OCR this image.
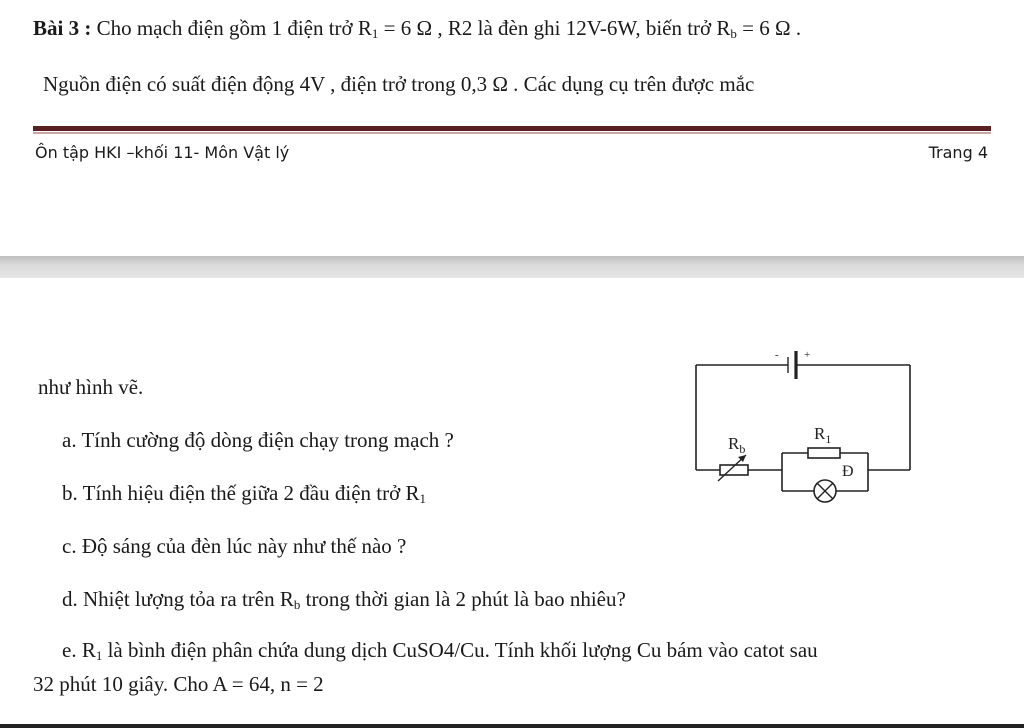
Bài 3 : Cho mạch điện gồm 1 điện trở $R_1 = 6$ Ω , R2 là đèn ghi 12V-6W, biến trở $R_b = 6$ Ω .
Nguồn điện có suất điện động 4V , điện trở trong 0,3 Ω . Các dụng cụ trên được mắc
Ôn tập HKI –khối 11- Môn Vật lý	Trang 4
như hình vẽ.
a. Tính cường độ dòng điện chạy trong mạch ?
b. Tính hiệu điện thế giữa 2 đầu điện trở $R_1$
c. Độ sáng của đèn lúc này như thế nào ?
d. Nhiệt lượng tỏa ra trên $R_b$ trong thời gian là 2 phút là bao nhiêu?
e. $R_1$ là bình điện phân chứa dung dịch CuSO4/Cu. Tính khối lượng Cu bám vào catot sau
32 phút 10 giây. Cho A = 64, n = 2
- +
$R_b$
$R_1$
Đ
